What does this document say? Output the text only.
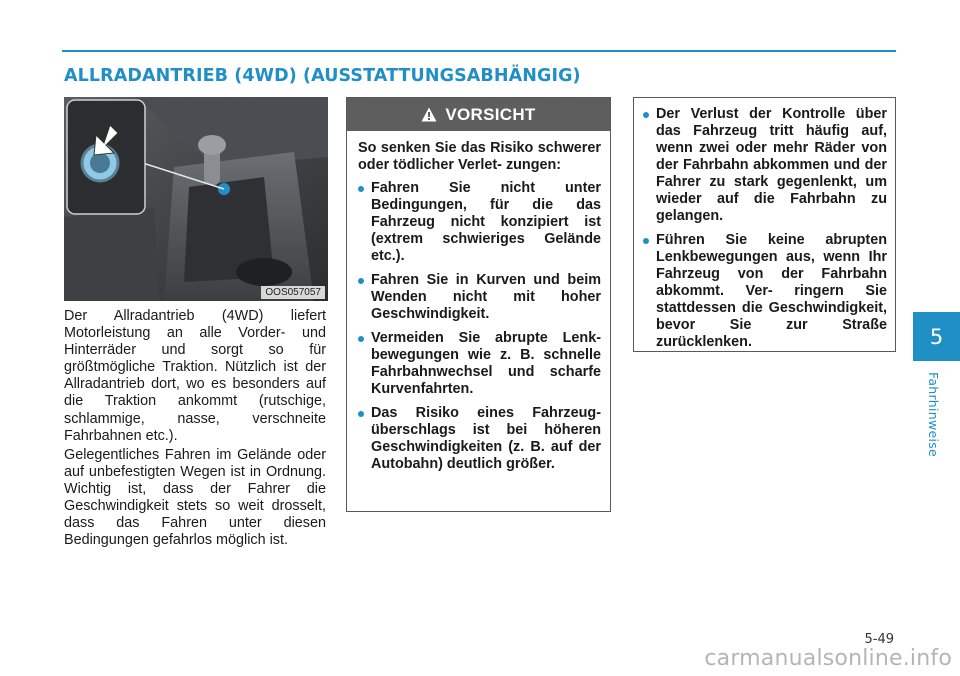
ALLRADANTRIEB (4WD) (AUSSTATTUNGSABHÄNGIG)
OOS057057

Der Allradantrieb (4WD) liefert Motorleistung an alle Vorder- und Hinterräder und sorgt so für größtmögliche Traktion. Nützlich ist der Allradantrieb dort, wo es besonders auf die Traktion ankommt (rutschige, schlammige, nasse, verschneite Fahrbahnen etc.).

Gelegentliches Fahren im Gelände oder auf unbefestigten Wegen ist in Ordnung. Wichtig ist, dass der Fahrer die Geschwindigkeit stets so weit drosselt, dass das Fahren unter diesen Bedingungen gefahrlos möglich ist.

VORSICHT

So senken Sie das Risiko schwerer oder tödlicher Verlet- zungen:

Fahren Sie nicht unter Bedingungen, für die das Fahrzeug nicht konzipiert ist (extrem schwieriges Gelände etc.).
Fahren Sie in Kurven und beim Wenden nicht mit hoher Geschwindigkeit.
Vermeiden Sie abrupte Lenk- bewegungen wie z. B. schnelle Fahrbahnwechsel und scharfe Kurvenfahrten.
Das Risiko eines Fahrzeug- überschlags ist bei höheren Geschwindigkeiten (z. B. auf der Autobahn) deutlich größer.
Der Verlust der Kontrolle über das Fahrzeug tritt häufig auf, wenn zwei oder mehr Räder von der Fahrbahn abkommen und der Fahrer zu stark gegenlenkt, um wieder auf die Fahrbahn zu gelangen.
Führen Sie keine abrupten Lenkbewegungen aus, wenn Ihr Fahrzeug von der Fahrbahn abkommt. Ver- ringern Sie stattdessen die Geschwindigkeit, bevor Sie zur Straße zurücklenken.	5
Fahrhinweise
5-49
carmanualsonline.info
